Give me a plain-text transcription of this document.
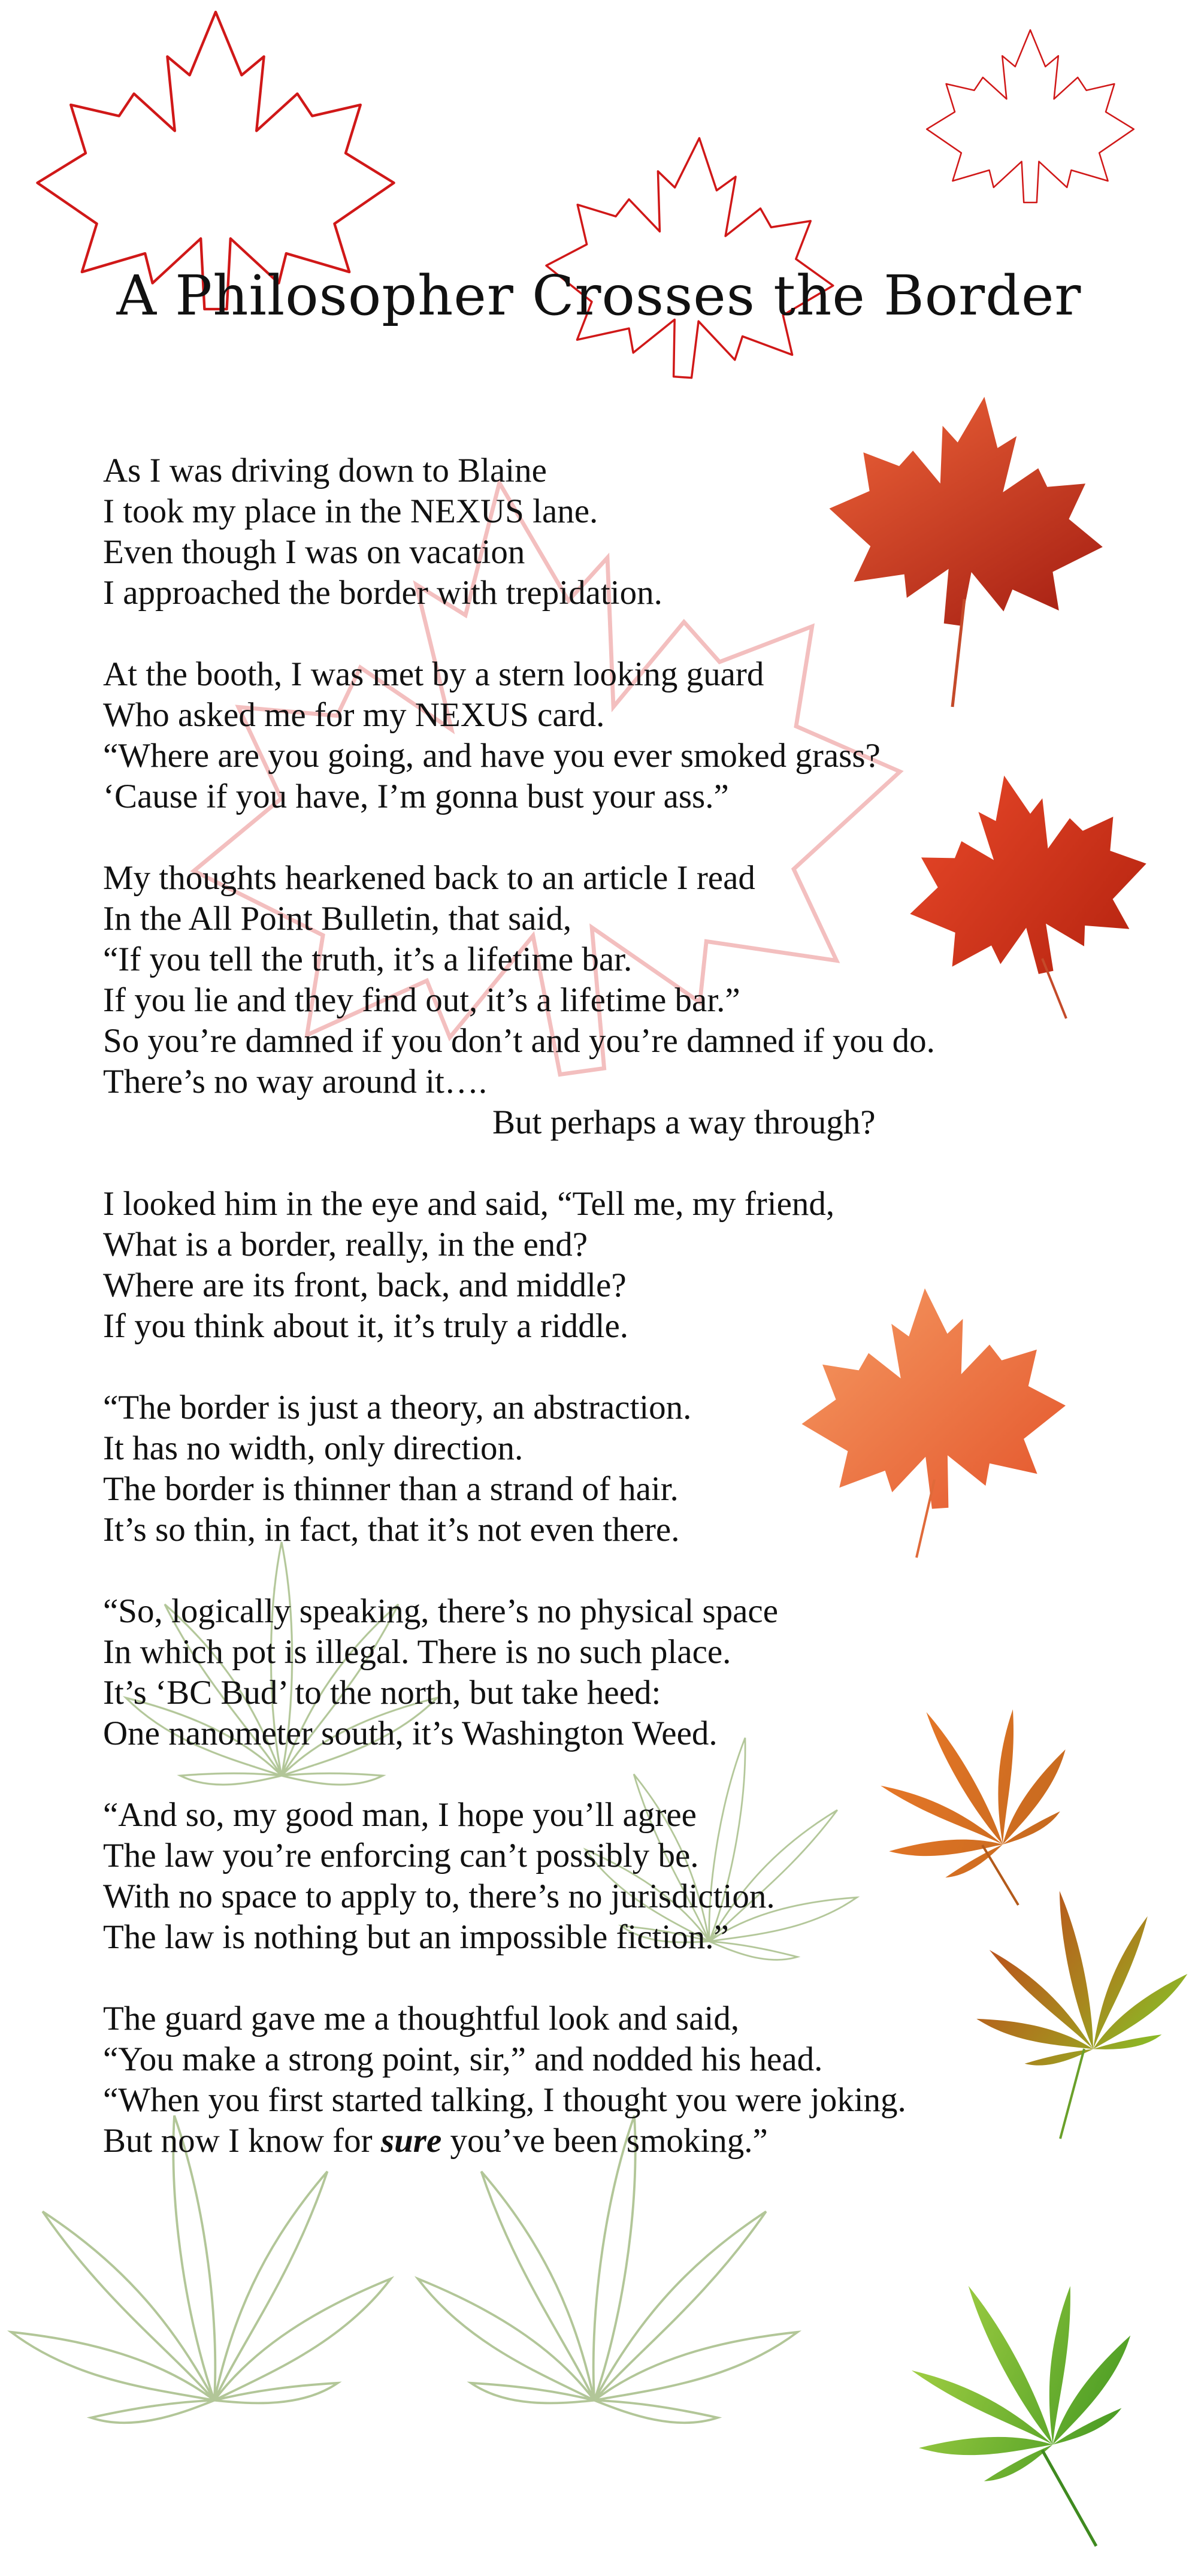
A Philosopher Crosses the Border
As I was driving down to Blaine
I took my place in the NEXUS lane.
Even though I was on vacation
I approached the border with trepidation.
At the booth, I was met by a stern looking guard
Who asked me for my NEXUS card.
“Where are you going, and have you ever smoked grass?
‘Cause if you have, I’m gonna bust your ass.”
My thoughts hearkened back to an article I read
In the All Point Bulletin, that said,
“If you tell the truth, it’s a lifetime bar.
If you lie and they find out, it’s a lifetime bar.”
So you’re damned if you don’t and you’re damned if you do.
There’s no way around it….
But perhaps a way through?
I looked him in the eye and said, “Tell me, my friend,
What is a border, really, in the end?
Where are its front, back, and middle?
If you think about it, it’s truly a riddle.
“The border is just a theory, an abstraction.
It has no width, only direction.
The border is thinner than a strand of hair.
It’s so thin, in fact, that it’s not even there.
“So, logically speaking, there’s no physical space
In which pot is illegal. There is no such place.
It’s ‘BC Bud’ to the north, but take heed:
One nanometer south, it’s Washington Weed.
“And so, my good man, I hope you’ll agree
The law you’re enforcing can’t possibly be.
With no space to apply to, there’s no jurisdiction.
The law is nothing but an impossible fiction.”
The guard gave me a thoughtful look and said,
“You make a strong point, sir,” and nodded his head.
“When you first started talking, I thought you were joking.
But now I know for sure you’ve been smoking.”
